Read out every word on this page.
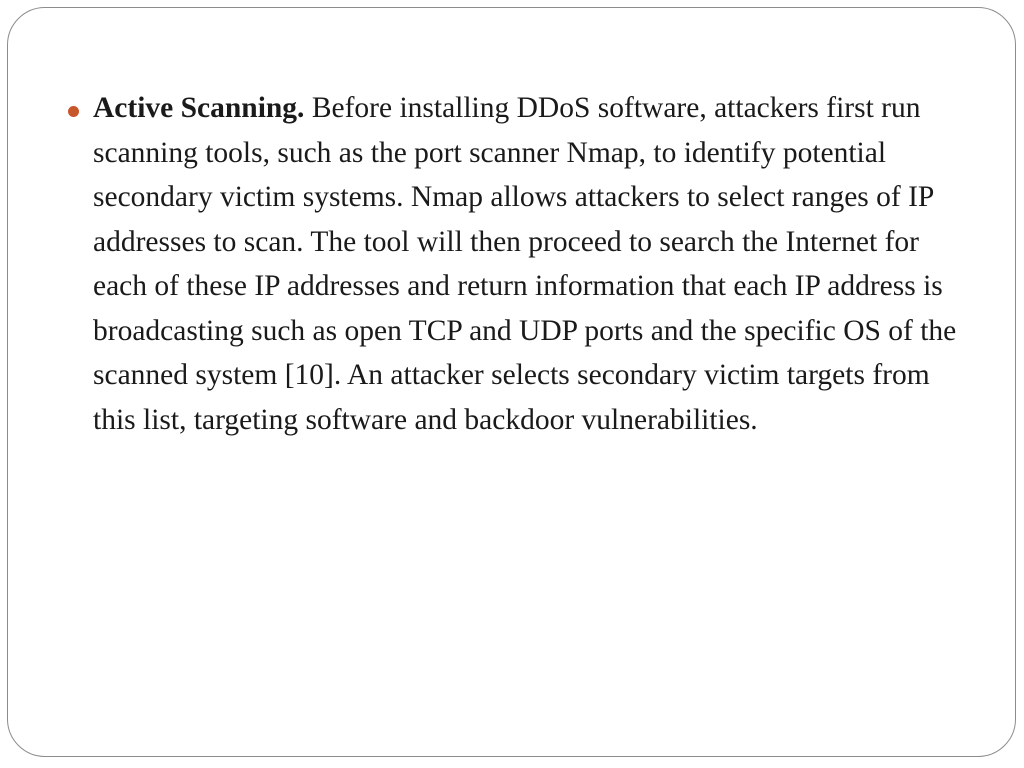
Active Scanning. Before installing DDoS software, attackers first run scanning tools, such as the port scanner Nmap, to identify potential secondary victim systems. Nmap allows attackers to select ranges of IP addresses to scan. The tool will then proceed to search the Internet for each of these IP addresses and return information that each IP address is broadcasting such as open TCP and UDP ports and the specific OS of the scanned system [10]. An attacker selects secondary victim targets from this list, targeting software and backdoor vulnerabilities.
